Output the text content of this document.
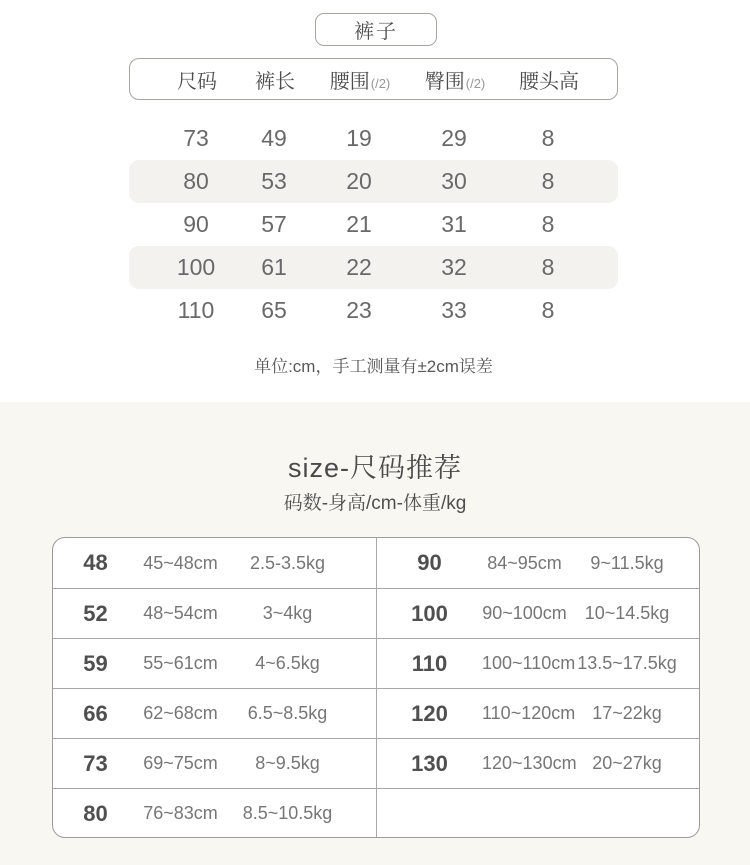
裤子
尺码	裤长	腰围(/2)	臀围(/2)	腰头高
73	49	19	29	8
80	53	20	30	8
90	57	21	31	8
100	61	22	32	8
110	65	23	33	8
单位:cm，手工测量有±2cm误差
size-尺码推荐
码数-身高/cm-体重/kg
48	45~48cm	2.5-3.5kg
52	48~54cm	3~4kg
59	55~61cm	4~6.5kg
66	62~68cm	6.5~8.5kg
73	69~75cm	8~9.5kg
80	76~83cm	8.5~10.5kg
90	84~95cm	9~11.5kg
100	90~100cm 10~14.5kg
110	100~110cm 13.5~17.5kg
120	110~120cm 17~22kg
130	120~130cm 20~27kg
